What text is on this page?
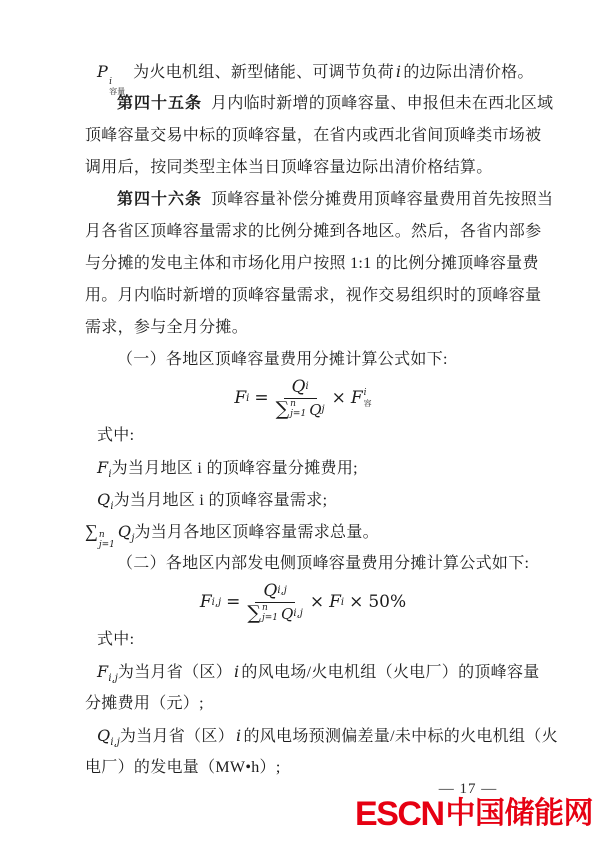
P
i
容量
为火电机组、新型储能、可调节负荷 i 的边际出清价格。
第四十五条 月内临时新增的顶峰容量、申报但未在西北区域
顶峰容量交易中标的顶峰容量，在省内或西北省间顶峰类市场被
调用后，按同类型主体当日顶峰容量边际出清价格结算。
第四十六条 顶峰容量补偿分摊费用顶峰容量费用首先按照当
月各省区顶峰容量需求的比例分摊到各地区。然后，各省内部参
与分摊的发电主体和市场化用户按照 1:1 的比例分摊顶峰容量费
用。月内临时新增的顶峰容量需求，视作交易组织时的顶峰容量
需求，参与全月分摊。
（一）各地区顶峰容量费用分摊计算公式如下:
F i = Q i
∑ n
j=1 Q j × F i
容
式中:
$F_i$为当月地区 i 的顶峰容量分摊费用;
$Q_i$为当月地区 i 的顶峰容量需求;
∑ n
j=1
$Q_j$为当月各地区顶峰容量需求总量。
（二）各地区内部发电侧顶峰容量费用分摊计算公式如下:
F i,j = Q i,j
∑ n
j=1 Q i,j × F i × 50%
式中:
$F_{i,j}$为当月省（区） i 的风电场/火电机组（火电厂）的顶峰容量
分摊费用（元）;
$Q_{i,j}$为当月省（区） i 的风电场预测偏差量/未中标的火电机组（火
电厂）的发电量（MW•h）;
— 17 —
ESCN 中国储能网
